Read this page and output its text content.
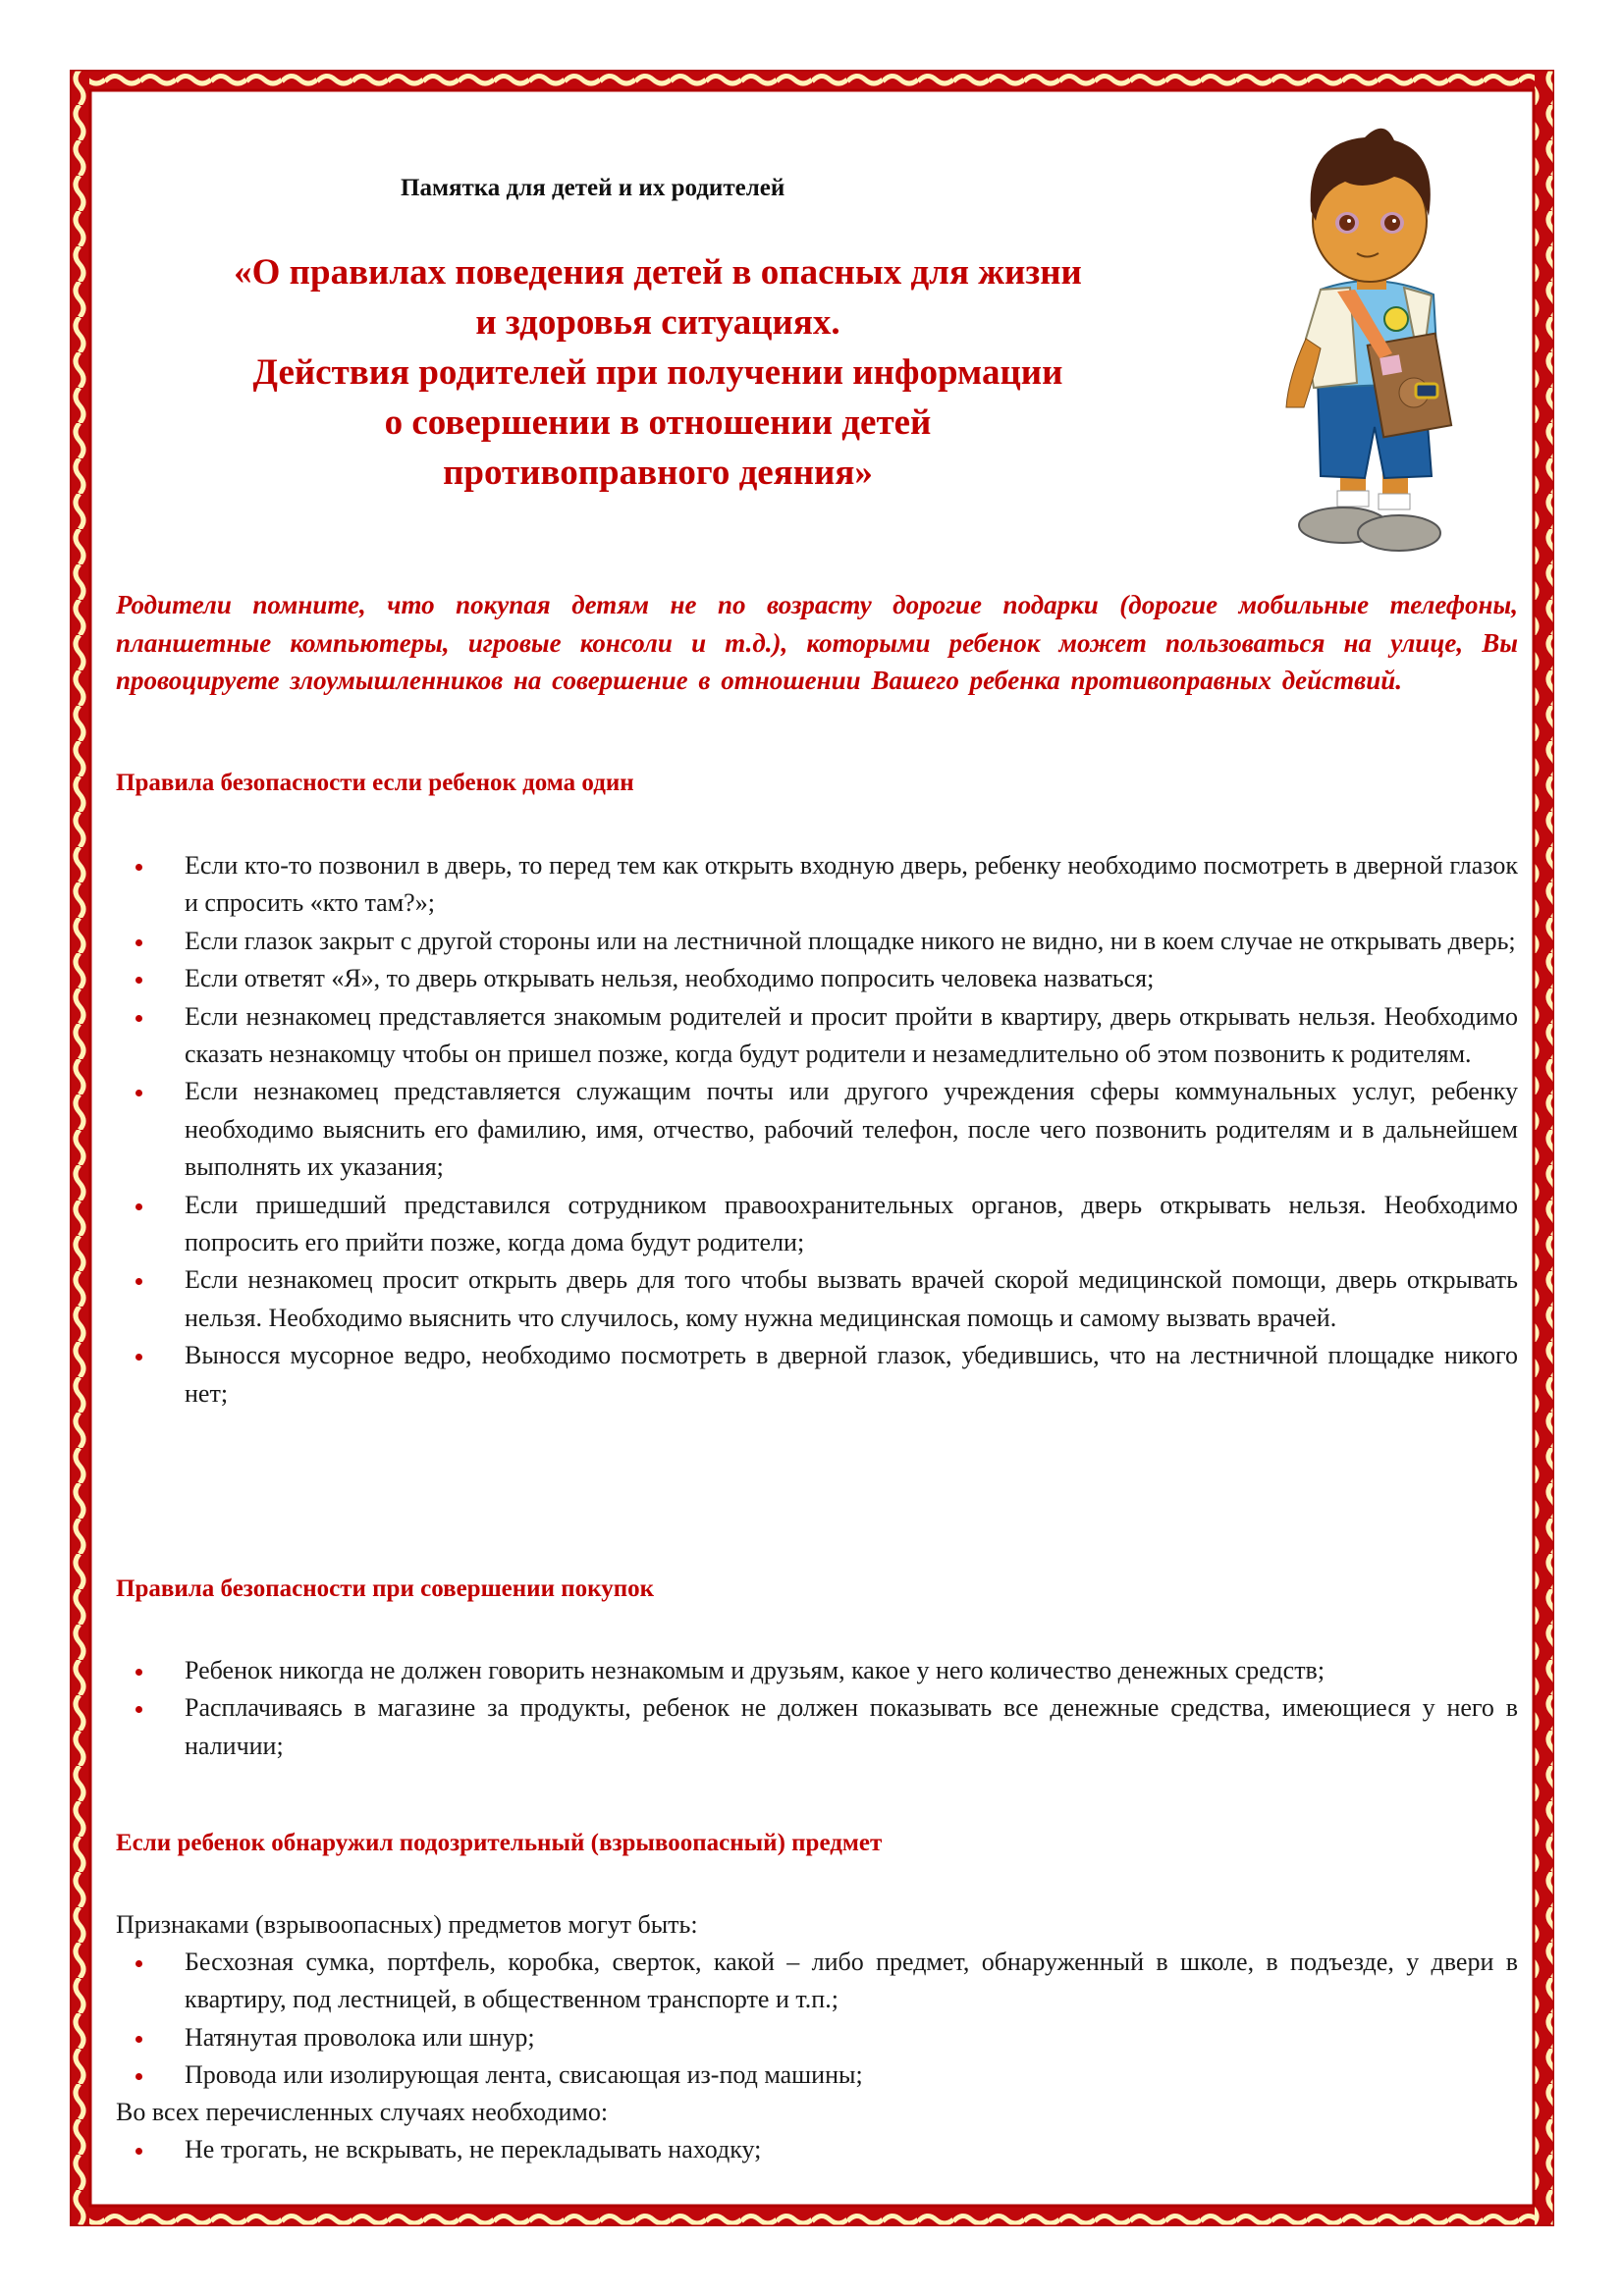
Памятка для детей и их родителей
«О правилах поведения детей в опасных для жизни
и здоровья ситуациях.
Действия родителей при получении информации
о совершении в отношении детей
противоправного деяния»
Родители помните, что покупая детям не по возрасту дорогие подарки (дорогие мобильные телефоны, планшетные компьютеры, игровые консоли и т.д.), которыми ребенок может пользоваться на улице, Вы провоцируете злоумышленников на совершение в отношении Вашего ребенка противоправных действий.
Правила безопасности если ребенок дома один
Если кто-то позвонил в дверь, то перед тем как открыть входную дверь, ребенку необходимо посмотреть в дверной глазок и спросить «кто там?»;
Если глазок закрыт с другой стороны или на лестничной площадке никого не видно, ни в коем случае не открывать дверь;
Если ответят «Я», то дверь открывать нельзя, необходимо попросить человека назваться;
Если незнакомец представляется знакомым родителей и просит пройти в квартиру, дверь открывать нельзя. Необходимо сказать незнакомцу чтобы он пришел позже, когда будут родители и незамедлительно об этом позвонить к родителям.
Если незнакомец представляется служащим почты или другого учреждения сферы коммунальных услуг, ребенку необходимо выяснить его фамилию, имя, отчество, рабочий телефон, после чего позвонить родителям и в дальнейшем выполнять их указания;
Если пришедший представился сотрудником правоохранительных органов, дверь открывать нельзя. Необходимо попросить его прийти позже, когда дома будут родители;
Если незнакомец просит открыть дверь для того чтобы вызвать врачей скорой медицинской помощи, дверь открывать нельзя. Необходимо выяснить что случилось, кому нужна медицинская помощь и самому вызвать врачей.
Выносся мусорное ведро, необходимо посмотреть в дверной глазок, убедившись, что на лестничной площадке никого нет;
Правила безопасности при совершении покупок
Ребенок никогда не должен говорить незнакомым и друзьям, какое у него количество денежных средств;
Расплачиваясь в магазине за продукты, ребенок не должен показывать все денежные средства, имеющиеся у него в наличии;
Если ребенок обнаружил подозрительный (взрывоопасный) предмет
Признаками (взрывоопасных) предметов могут быть:
Бесхозная сумка, портфель, коробка, сверток, какой – либо предмет, обнаруженный в школе, в подъезде, у двери в квартиру, под лестницей, в общественном транспорте и т.п.;
Натянутая проволока или шнур;
Провода или изолирующая лента, свисающая из-под машины;
Во всех перечисленных случаях необходимо:
Не трогать, не вскрывать, не перекладывать находку;
